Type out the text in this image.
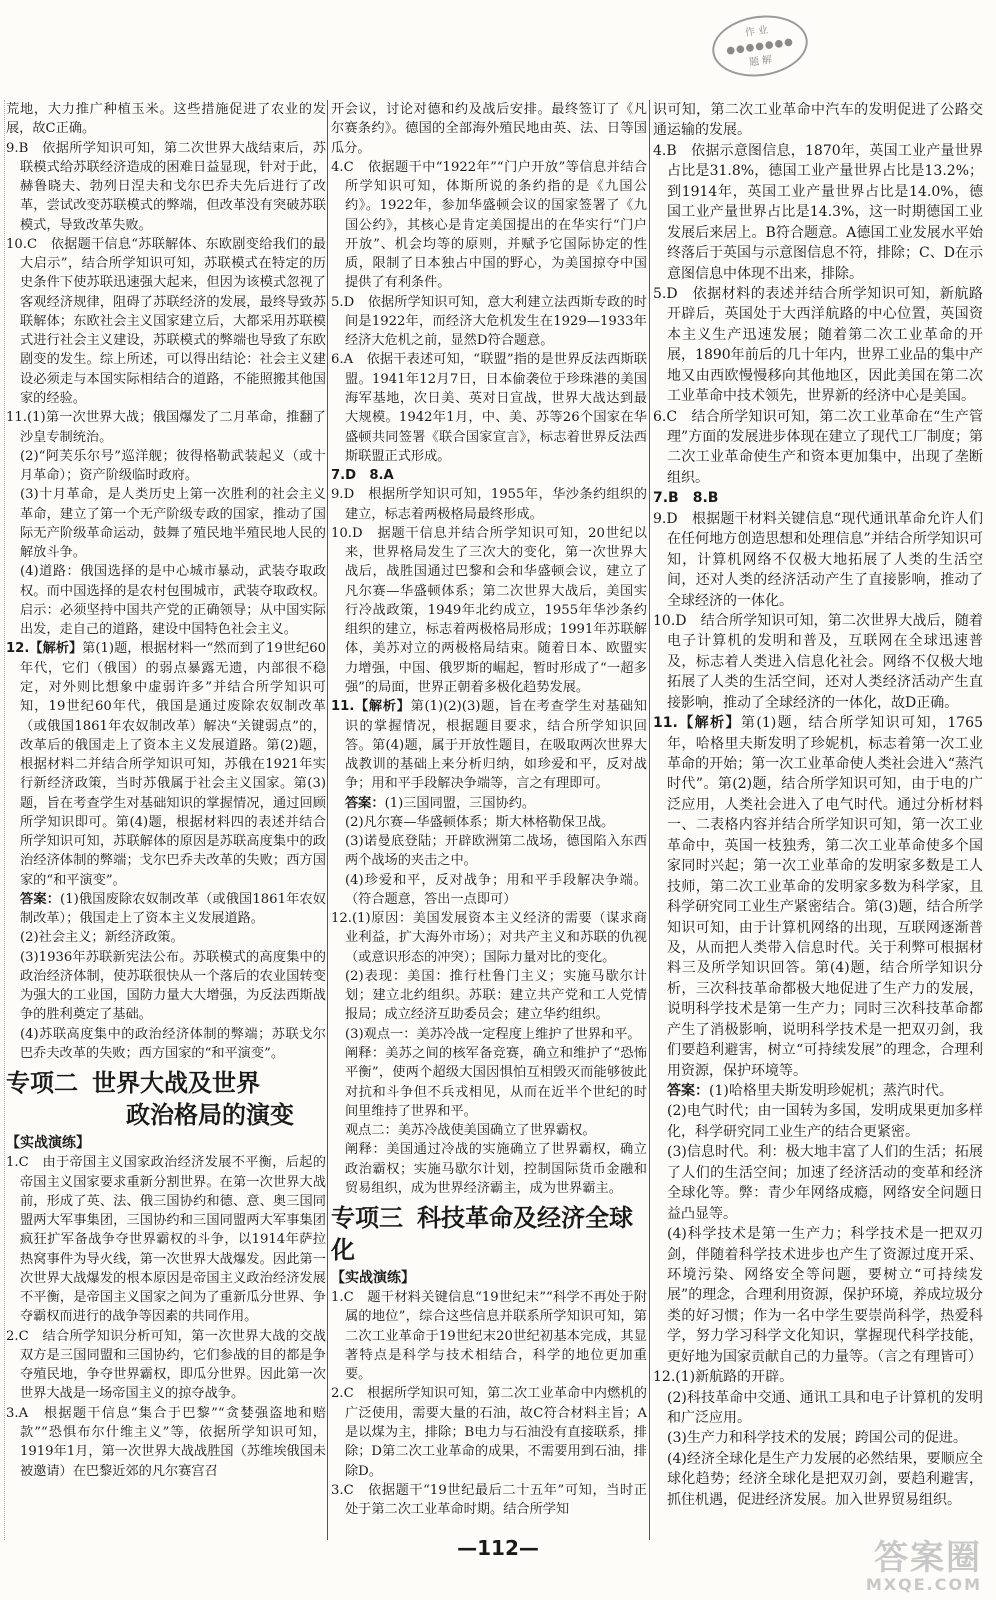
作业
●●●●●●●
题解

荒地，大力推广种植玉米。这些措施促进了农业的发展，故C正确。

9.B　依据所学知识可知，第二次世界大战结束后，苏联模式给苏联经济造成的困难日益显现，针对于此，赫鲁晓夫、勃列日涅夫和戈尔巴乔夫先后进行了改革，尝试改变苏联模式的弊端，但改革没有突破苏联模式，导致改革失败。

10.C　依据题干信息“苏联解体、东欧剧变给我们的最大启示”，结合所学知识可知，苏联模式在特定的历史条件下使苏联迅速强大起来，但因为该模式忽视了客观经济规律，阻碍了苏联经济的发展，最终导致苏联解体；东欧社会主义国家建立后，大都采用苏联模式进行社会主义建设，苏联模式的弊端也导致了东欧剧变的发生。综上所述，可以得出结论：社会主义建设必须走与本国实际相结合的道路，不能照搬其他国家的经验。

11.(1)第一次世界大战；俄国爆发了二月革命，推翻了沙皇专制统治。

(2)“阿芙乐尔号”巡洋舰；彼得格勒武装起义（或十月革命）；资产阶级临时政府。

(3)十月革命，是人类历史上第一次胜利的社会主义革命，建立了第一个无产阶级专政的国家，推动了国际无产阶级革命运动，鼓舞了殖民地半殖民地人民的解放斗争。

(4)道路：俄国选择的是中心城市暴动，武装夺取政权。而中国选择的是农村包围城市，武装夺取政权。启示：必须坚持中国共产党的正确领导；从中国实际出发，走自己的道路，建设中国特色社会主义。

12.【解析】第(1)题，根据材料一“然而到了19世纪60年代，它们（俄国）的弱点暴露无遗，内部很不稳定，对外则比想象中虚弱许多”并结合所学知识可知，19世纪60年代，俄国是通过废除农奴制改革（或俄国1861年农奴制改革）解决“关键弱点”的，改革后的俄国走上了资本主义发展道路。第(2)题，根据材料二并结合所学知识可知，苏俄在1921年实行新经济政策，当时苏俄属于社会主义国家。第(3)题，旨在考查学生对基础知识的掌握情况，通过回顾所学知识即可。第(4)题，根据材料四的表述并结合所学知识可知，苏联解体的原因是苏联高度集中的政治经济体制的弊端；戈尔巴乔夫改革的失败；西方国家的“和平演变”。

答案：(1)俄国废除农奴制改革（或俄国1861年农奴制改革）；俄国走上了资本主义发展道路。

(2)社会主义；新经济政策。

(3)1936年苏联新宪法公布。苏联模式的高度集中的政治经济体制，使苏联很快从一个落后的农业国转变为强大的工业国，国防力量大大增强，为反法西斯战争的胜利奠定了基础。

(4)苏联高度集中的政治经济体制的弊端；苏联戈尔巴乔夫改革的失败；西方国家的“和平演变”。

专项二 世界大战及世界
政治格局的演变
【实战演练】

1.C　由于帝国主义国家政治经济发展不平衡，后起的帝国主义国家要求重新分割世界。在第一次世界大战前，形成了英、法、俄三国协约和德、意、奥三国同盟两大军事集团，三国协约和三国同盟两大军事集团疯狂扩军备战争夺世界霸权的斗争，以1914年萨拉热窝事件为导火线，第一次世界大战爆发。因此第一次世界大战爆发的根本原因是帝国主义政治经济发展不平衡，是帝国主义国家之间为了重新瓜分世界、争夺霸权而进行的战争等因素的共同作用。

2.C　结合所学知识分析可知，第一次世界大战的交战双方是三国同盟和三国协约，它们参战的目的都是争夺殖民地，争夺世界霸权，即瓜分世界。因此第一次世界大战是一场帝国主义的掠夺战争。

3.A　根据题干信息“集合于巴黎”“贪婪强盗地和赔款”“恐惧布尔什维主义”等，依据所学知识可知，1919年1月，第一次世界大战战胜国（苏维埃俄国未被邀请）在巴黎近郊的凡尔赛宫召

开会议，讨论对德和约及战后安排。最终签订了《凡尔赛条约》。德国的全部海外殖民地由英、法、日等国瓜分。

4.C　依据题干中“1922年”“门户开放”等信息并结合所学知识可知，体斯所说的条约指的是《九国公约》。1922年，参加华盛顿会议的国家签署了《九国公约》，其核心是肯定美国提出的在华实行“门户开放”、机会均等的原则，并赋予它国际协定的性质，限制了日本独占中国的野心，为美国掠夺中国提供了有利条件。

5.D　依据所学知识可知，意大利建立法西斯专政的时间是1922年，而经济大危机发生在1929—1933年经济大危机之前，显然D符合题意。

6.A　依据干表述可知，“联盟”指的是世界反法西斯联盟。1941年12月7日，日本偷袭位于珍珠港的美国海军基地，次日美、英对日宣战，世界大战达到最大规模。1942年1月，中、美、苏等26个国家在华盛顿共同签署《联合国家宣言》，标志着世界反法西斯联盟正式形成。

7.D　8.A

9.D　根据所学知识可知，1955年，华沙条约组织的建立，标志着两极格局最终形成。

10.D　据题干信息并结合所学知识可知，20世纪以来，世界格局发生了三次大的变化，第一次世界大战后，战胜国通过巴黎和会和华盛顿会议，建立了凡尔赛—华盛顿体系；第二次世界大战后，美国实行冷战政策，1949年北约成立，1955年华沙条约组织的建立，标志着两极格局形成；1991年苏联解体，美苏对立的两极格局结束。随着日本、欧盟实力增强，中国、俄罗斯的崛起，暂时形成了“一超多强”的局面，世界正朝着多极化趋势发展。

11.【解析】第(1)(2)(3)题，旨在考查学生对基础知识的掌握情况，根据题目要求，结合所学知识回答。第(4)题，属于开放性题目，在吸取两次世界大战教训的基础上来分析归纳，如珍爱和平，反对战争；用和平手段解决争端等，言之有理即可。

答案：(1)三国同盟，三国协约。

(2)凡尔赛—华盛顿体系；斯大林格勒保卫战。

(3)诺曼底登陆；开辟欧洲第二战场，德国陷入东西两个战场的夹击之中。

(4)珍爱和平，反对战争；用和平手段解决争端。（符合题意，答出一点即可）

12.(1)原因：美国发展资本主义经济的需要（谋求商业利益，扩大海外市场）；对共产主义和苏联的仇视（或意识形态的冲突）；国际力量对比的变化。

(2)表现：美国：推行杜鲁门主义；实施马歇尔计划；建立北约组织。苏联：建立共产党和工人党情报局；成立经济互助委员会；建立华约组织。

(3)观点一：美苏冷战一定程度上维护了世界和平。

阐释：美苏之间的核军备竞赛，确立和维护了“恐怖平衡”，使两个超级大国因惧怕互相毁灭而能够彼此对抗和斗争但不兵戎相见，从而在近半个世纪的时间里维持了世界和平。

观点二：美苏冷战使美国确立了世界霸权。

阐释：美国通过冷战的实施确立了世界霸权，确立政治霸权；实施马歇尔计划，控制国际货币金融和贸易组织，成为世界经济霸主，成为世界霸主。

专项三 科技革命及经济全球化
【实战演练】

1.C　题干材料关键信息“19世纪末”“科学不再处于附属的地位”，综合这些信息并联系所学知识可知，第二次工业革命于19世纪末20世纪初基本完成，其显著特点是科学与技术相结合，科学的地位更加重要。

2.C　根据所学知识可知，第二次工业革命中内燃机的广泛使用，需要大量的石油，故C符合材料主旨；A是以煤为主，排除；B电力与石油没有直接联系，排除；D第二次工业革命的成果，不需要用到石油，排除D。

3.C　依据题干“19世纪最后二十五年”可知，当时正处于第二次工业革命时期。结合所学知

识可知，第二次工业革命中汽车的发明促进了公路交通运输的发展。

4.B　依据示意图信息，1870年，英国工业产量世界占比是31.8%，德国工业产量世界占比是13.2%；到1914年，英国工业产量世界占比是14.0%，德国工业产量世界占比是14.3%，这一时期德国工业发展后来居上。B符合题意。A德国工业发展水平始终落后于英国与示意图信息不符，排除；C、D在示意图信息中体现不出来，排除。

5.D　依据材料的表述并结合所学知识可知，新航路开辟后，英国处于大西洋航路的中心位置，英国资本主义生产迅速发展；随着第二次工业革命的开展，1890年前后的几十年内，世界工业品的集中产地又由西欧慢慢移向其他地区，因此美国在第二次工业革命中技术领先，世界新的经济中心是美国。

6.C　结合所学知识可知，第二次工业革命在“生产管理”方面的发展进步体现在建立了现代工厂制度；第二次工业革命使生产和资本更加集中，出现了垄断组织。

7.B　8.B

9.D　根据题干材料关键信息“现代通讯革命允许人们在任何地方创造思想和处理信息”并结合所学知识可知，计算机网络不仅极大地拓展了人类的生活空间，还对人类的经济活动产生了直接影响，推动了全球经济的一体化。

10.D　结合所学知识可知，第二次世界大战后，随着电子计算机的发明和普及，互联网在全球迅速普及，标志着人类进入信息化社会。网络不仅极大地拓展了人类的生活空间，还对人类经济活动产生直接影响，推动了全球经济的一体化，故D正确。

11.【解析】第(1)题，结合所学知识可知，1765年，哈格里夫斯发明了珍妮机，标志着第一次工业革命的开始；第一次工业革命使人类社会进入“蒸汽时代”。第(2)题，结合所学知识可知，由于电的广泛应用，人类社会进入了电气时代。通过分析材料一、二表格内容并结合所学知识可知，第一次工业革命中，英国一枝独秀，第二次工业革命使多个国家同时兴起；第一次工业革命的发明家多数是工人技师，第二次工业革命的发明家多数为科学家，且科学研究同工业生产紧密结合。第(3)题，结合所学知识可知，由于计算机网络的出现，互联网逐渐普及，从而把人类带入信息时代。关于利弊可根据材料三及所学知识回答。第(4)题，结合所学知识分析，三次科技革命都极大地促进了生产力的发展，说明科学技术是第一生产力；同时三次科技革命都产生了消极影响，说明科学技术是一把双刃剑，我们要趋利避害，树立“可持续发展”的理念，合理利用资源，保护环境等。

答案：(1)哈格里夫斯发明珍妮机；蒸汽时代。

(2)电气时代；由一国转为多国，发明成果更加多样化，科学研究同工业生产的结合更紧密。

(3)信息时代。利：极大地丰富了人们的生活；拓展了人们的生活空间；加速了经济活动的变革和经济全球化等。弊：青少年网络成瘾，网络安全问题日益凸显等。

(4)科学技术是第一生产力；科学技术是一把双刃剑，伴随着科学技术进步也产生了资源过度开采、环境污染、网络安全等问题，要树立“可持续发展”的理念，合理利用资源，保护环境，养成垃圾分类的好习惯；作为一名中学生要崇尚科学，热爱科学，努力学习科学文化知识，掌握现代科学技能，更好地为国家贡献自己的力量等。（言之有理皆可）

12.(1)新航路的开辟。

(2)科技革命中交通、通讯工具和电子计算机的发明和广泛应用。

(3)生产力和科学技术的发展；跨国公司的促进。

(4)经济全球化是生产力发展的必然结果，要顺应全球化趋势；经济全球化是把双刃剑，要趋利避害，抓住机遇，促进经济发展。加入世界贸易组织。

—112—	答案圈
MXQE.COM
